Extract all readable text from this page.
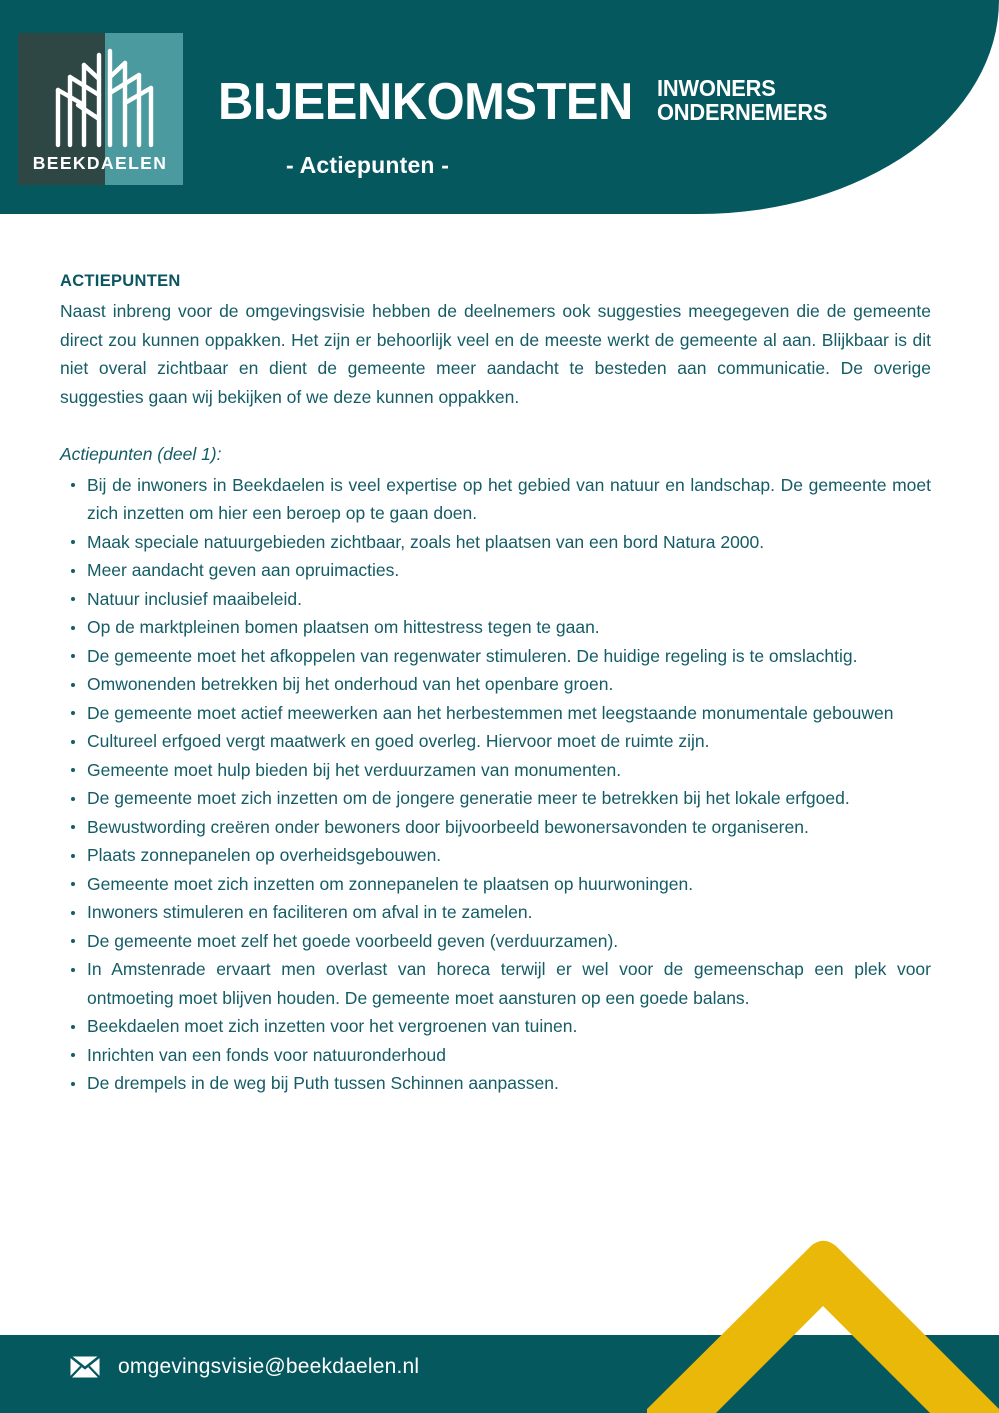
BEEKDAELEN
BIJEENKOMSTEN INWONERS
ONDERNEMERS
- Actiepunten -
ACTIEPUNTEN

Naast inbreng voor de omgevingsvisie hebben de deelnemers ook suggesties meegegeven die de gemeente direct zou kunnen oppakken. Het zijn er behoorlijk veel en de meeste werkt de gemeente al aan. Blijkbaar is dit niet overal zichtbaar en dient de gemeente meer aandacht te besteden aan communicatie. De overige suggesties gaan wij bekijken of we deze kunnen oppakken.

Actiepunten (deel 1):
Bij de inwoners in Beekdaelen is veel expertise op het gebied van natuur en landschap. De gemeente moet zich inzetten om hier een beroep op te gaan doen.
Maak speciale natuurgebieden zichtbaar, zoals het plaatsen van een bord Natura 2000.
Meer aandacht geven aan opruimacties.
Natuur inclusief maaibeleid.
Op de marktpleinen bomen plaatsen om hittestress tegen te gaan.
De gemeente moet het afkoppelen van regenwater stimuleren. De huidige regeling is te omslachtig.
Omwonenden betrekken bij het onderhoud van het openbare groen.
De gemeente moet actief meewerken aan het herbestemmen met leegstaande monumentale gebouwen
Cultureel erfgoed vergt maatwerk en goed overleg. Hiervoor moet de ruimte zijn.
Gemeente moet hulp bieden bij het verduurzamen van monumenten.
De gemeente moet zich inzetten om de jongere generatie meer te betrekken bij het lokale erfgoed.
Bewustwording creëren onder bewoners door bijvoorbeeld bewonersavonden te organiseren.
Plaats zonnepanelen op overheidsgebouwen.
Gemeente moet zich inzetten om zonnepanelen te plaatsen op huurwoningen.
Inwoners stimuleren en faciliteren om afval in te zamelen.
De gemeente moet zelf het goede voorbeeld geven (verduurzamen).
In Amstenrade ervaart men overlast van horeca terwijl er wel voor de gemeenschap een plek voor ontmoeting moet blijven houden. De gemeente moet aansturen op een goede balans.
Beekdaelen moet zich inzetten voor het vergroenen van tuinen.
Inrichten van een fonds voor natuuronderhoud
De drempels in de weg bij Puth tussen Schinnen aanpassen.
omgevingsvisie@beekdaelen.nl
